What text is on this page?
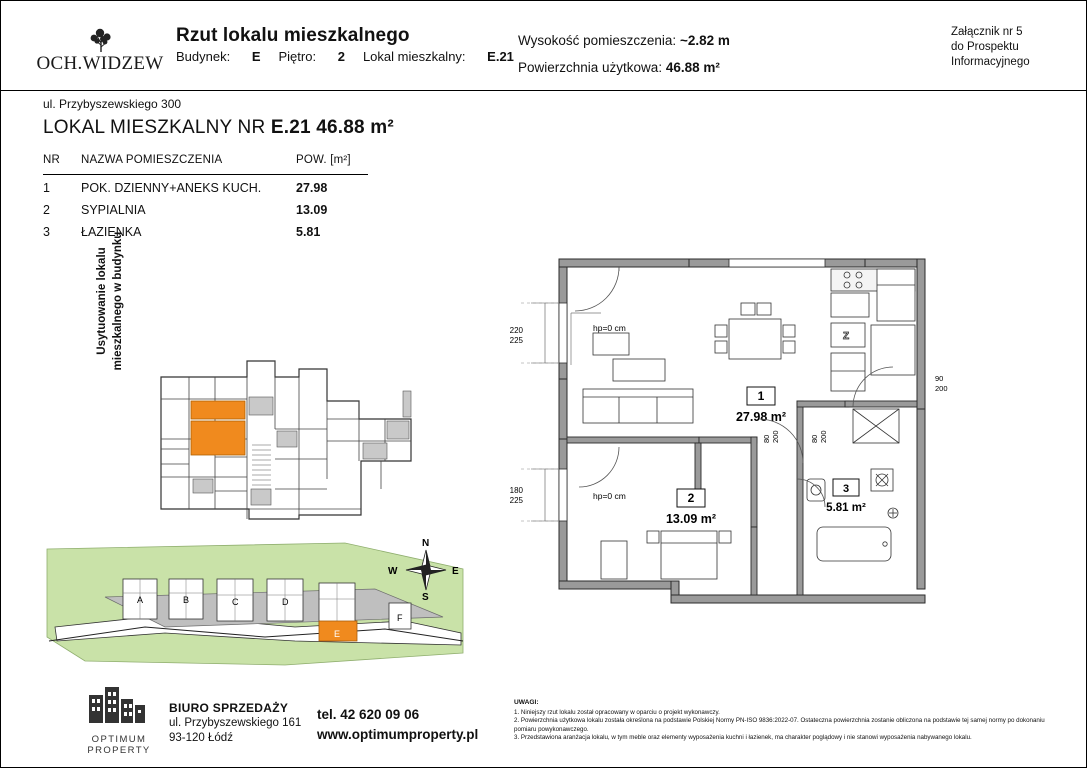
OCH.WIDZEW
Rzut lokalu mieszkalnego
Budynek: E Piętro: 2 Lokal mieszkalny: E.21
Wysokość pomieszczenia: ~2.82 m
Powierzchnia użytkowa: 46.88 m²
Załącznik nr 5
do Prospektu
Informacyjnego
ul. Przybyszewskiego 300
LOKAL MIESZKALNY NR E.21 46.88 m²
NR	NAZWA POMIESZCZENIA	POW. [m²]
1	POK. DZIENNY+ANEKS KUCH.	27.98
2	SYPIALNIA	13.09
3	ŁAZIENKA	5.81
Usytuowanie lokalu mieszkalnego w budynku
A	B	C	D
E
F
N
S
E
W
1
27.98 m²
2
13.09 m²
3
5.81 m²
Z
220
225
180
225
hp=0 cm
hp=0 cm
90
200
80 200	80 200
OPTIMUM PROPERTY
BIURO SPRZEDAŻY
ul. Przybyszewskiego 161
93-120 Łódź
tel. 42 620 09 06
www.optimumproperty.pl
UWAGI:
1. Niniejszy rzut lokalu został opracowany w oparciu o projekt wykonawczy.
2. Powierzchnia użytkowa lokalu została określona na podstawie Polskiej Normy PN-ISO 9836:2022-07. Ostateczna powierzchnia zostanie obliczona na podstawie tej samej normy po dokonaniu pomiaru powykonawczego.
3. Przedstawiona aranżacja lokalu, w tym meble oraz elementy wyposażenia kuchni i łazienek, ma charakter poglądowy i nie stanowi wyposażenia nabywanego lokalu.
